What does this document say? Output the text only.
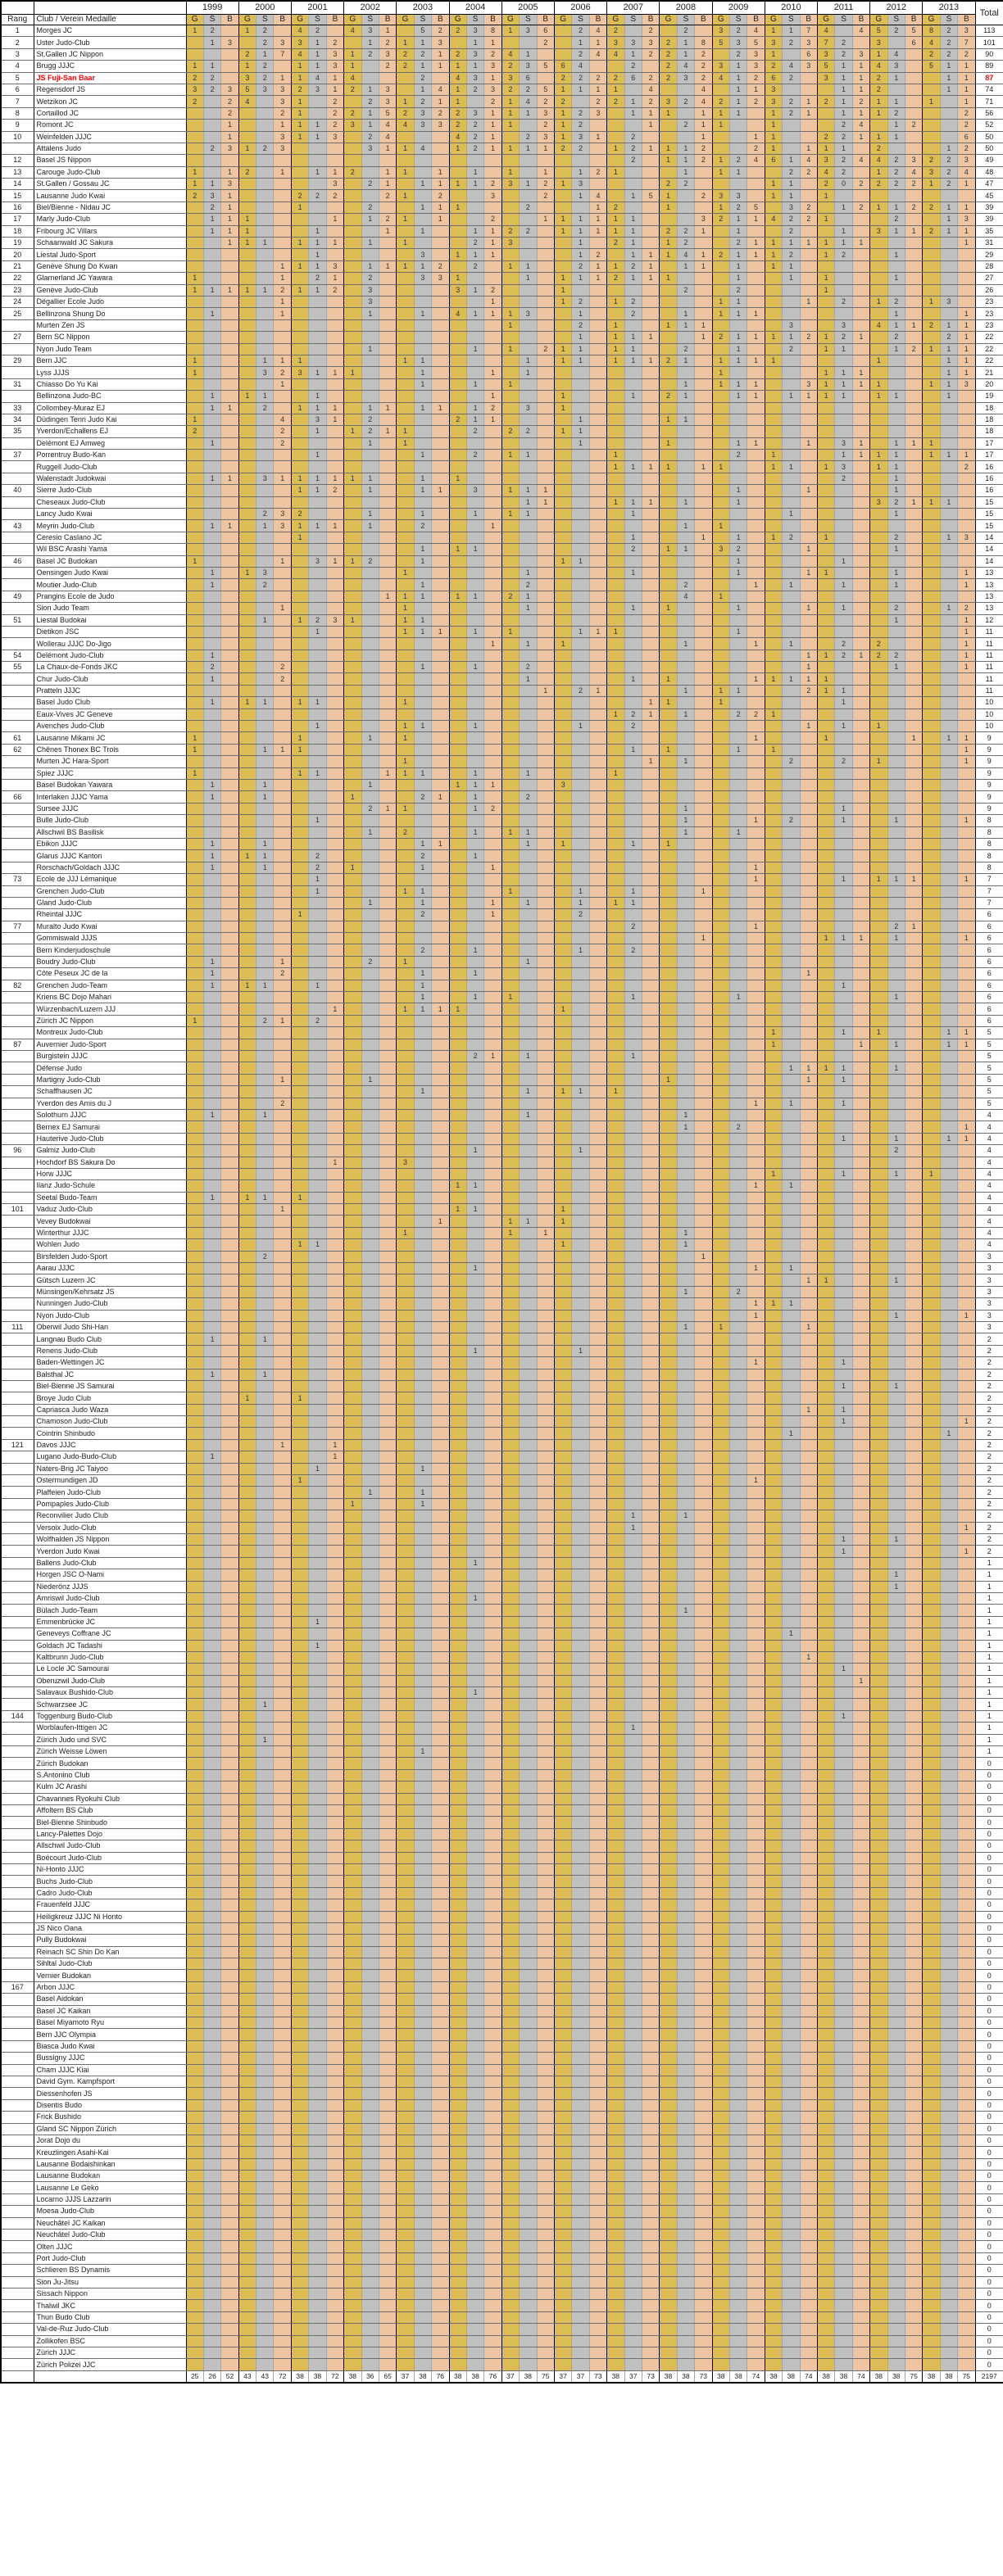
		1999			2000			2001			2002			2003			2004			2005			2006			2007			2008			2009			2010			2011			2012			2013			Total
Rang	Club / Verein Medaille	G	S	B	G	S	B	G	S	B	G	S	B	G	S	B	G	S	B	G	S	B	G	S	B	G	S	B	G	S	B	G	S	B	G	S	B	G	S	B	G	S	B	G	S	B	
1	Morges JC	1	2		1	2		4	2		4	3	1		5	2	2	3	8	1	3	6		2	4	2		2		2		3	2	4	1	1	7	4		4	5	2	5	8	2	3	113
2	Uster Judo-Club		1	3		2	3	3	1	2		1	2	1	1	3		1	1			2		1	1	3	3	3	2	1	8	5	3	5	3	2	3	7	2		3		6	4	2	7	101
3	St.Gallen JC Nippon				2	1	7	4	1	3	1	2	3	2	2	1	2	3	2	4	1			2	4	4	1	2	2	1	2		2	3	1		6	3	2	3	1	4		2	2	2	90
4	Brugg JJJC	1	1		1	2		1	1	3	1		2	2	1	1	1	1	3	2	3	5	6	4			2		2	4	2	3	1	3	2	4	3	5	1	1	4	3		5	1	1	89
5	JS Fuji-San Baar	2	2		3	2	1	1	4	1	4				2		4	3	1	3	6		2	2	2	2	6	2	2	3	2	4	1	2	6	2		3	1	1	2	1			1	1	87
6	Regensdorf JS	3	2	3	5	3	3	2	3	1	2	1	3		1	4	1	2	3	2	2	5	1	1	1	1		4			4		1	1	3				1	1	2				1	1	74
7	Wetzikon JC	2		2	4		3	1		2		2	3	1	2	1	1		2	1	4	2	2		2	2	1	2	3	2	4	2	1	2	3	2	1	2	1	2	1	1		1		1	71
8	Cortaillod JC			2			2	1		2	2	1	5	2	3	2	2	3	1	1	1	3	1	2	3		1	1	1		1	1	1		1	2	1		1	1	1	2				2	56
9	Romont JC			1			1	1	1	2	3	1	4	4	3	3	2	2	1	1		2	1	2				1		2	1	1			1				2	4		1	2			2	52
10	Weinfelden JJJC			1			3	1	1	3		2	4				4	2	1		2	3	1	3	1		2				1			1	1			2	2	1	1	1				6	50
	Attalens Judo		2	3	1	2	3					3	1	1	4		1	2	1	1	1	1	2	2		1	2	1	1	1	2			2	1		1	1	1		2				1	2	50
12	Basel JS Nippon																										2		1	1	2	1	2	4	6	1	4	3	2	4	4	2	3	2	2	3	49
13	Carouge Judo-Club	1		1	2		1		1	1	2		1	1		1		1		1		1		1	2	1				1		1	1			2	2	4	2		1	2	4	3	2	4	48
14	St.Gallen / Gossau JC	1	1	3						3		2	1		1	1	1	1	2	3	1	2	1	3					2	2					1	1		2	0	2	2	2	2	1	2	1	47
15	Lausanne Judo Kwai	2	3	1				2	2	2			2	1		2			3			2		1	4		1	5	1		2	3	3		1	1		1									45
16	Biel/Bienne - Nidau JC		2	1				1				2			1	1	1				2				1	2			1			1	2	5		3	2		1	2	1	1	2	2	1	1	39
17	Marly Judo-Club		1	1	1					1		1	2	1		1			2			1	1	1	1	1	1				3	2	1	1	4	2	2	1				2			1	3	39
18	Fribourg JC Villars		1	1	1				1				1		1			1	1	2	2		1	1	1	1	1		2	2	1		1			2			1		3	1	1	2	1	1	35
19	Schaanwald JC Sakura			1	1	1		1	1	1		1		1				2	1	3				1		2	1		1	2			2	1	1	1	1	1	1	1						1	31
20	Liestal Judo-Sport								1						3		1	1	1					1	2		1	1	1	4	1	2	1	1	1	2		1	2			1					29
21	Genève Shung Do Kwan						1	1	1	3		1	1	1	1	2		2		1	1			2	1	1	2	1		1	1		1		1	1											28
22	Glarnerland JC Yawara	1					1		2	1		2			3	3	1				1		1	1	1	2	1	1	1				1			1		1				1					27
23	Genève Judo-Club	1	1	1	1	1	2	1	1	2		3					3	1	2				1							2			2					1									26
24	Dégallier Ecole Judo						1					3							1				1	2		1	2					1	1				1		2		1	2		1	3		23
25	Bellinzona Shung Do		1				1					1			1		4	1	1	1	3			1			2			1		1	1	1								1				1	23
	Murten Zen JS																			1				2		1			1	1	1					3			3		4	1	1	2	1	1	23
27	Bern SC Nippon																							1		1	1	1			1	2	1	1	1	1	2	1	2	1		2			2	1	22
	Nyon Judo Team											1						1		1		2	1	1		1	1			2			1			2		1	1			1	2	1	1	1	22
29	Bern JJC	1				1	1	1						1	1						1		1	1		1	1	1	2	1		1	1	1	1						1				1	1	22
	Lyss JJJS	1				3	2	3	1	1	1				1				1		1											1						1	1	1					1	1	21
31	Chiasso Do Yu Kai						1								1			1		1										1		1	1	1			3	1	1	1	1			1	1	3	20
	Bellinzona Judo-BC		1		1	1			1										1				1				1		2	1			1	1		1	1	1	1		1	1			1		19
33	Collombey-Muraz EJ		1	1		2		1	1	1		1	1		1	1		1	2		3		1																								18
34	Düdingen Tenri Judo Kai	1					4		3	1		2					2	1	1					1					1	1																	18
35	Yverdon/Echallens EJ	2					2		1		1	2	1	1				2		2	2		1	1																							18
	Delémont EJ Amweg		1				2					1		1										1					1				1	1			1		3	1		1	1	1			17
37	Porrentruy Budo-Kan								1						1			2		1	1					1							2		1				1	1	1	1		1	1	1	17
	Ruggell Judo-Club																									1	1	1	1		1	1			1	1		1	3		1	1				2	16
	Walenstadt Judokwai		1	1		3	1	1	1	1	1	1			1		1																						2			1					16
40	Sierre Judo-Club							1	1	2		1			1	1		3		1	1	1											1				1					1					16
	Cheseaux Judo-Club																				1	1				1	1	1		1			1								3	2	1	1	1		15
	Lancy Judo Kwai					2	3	2				1			1			1		1	1						1									1						1					15
43	Meyrin Judo-Club		1	1		1	3	1	1	1		1			2				1											1		1															15
	Ceresio Caslano JC							1																			1				1		1		1	2		1				2			1	3	14
	Wil BSC Arashi Yama														1		1	1									2		1	1		3	2				1					1					14
46	Basel JC Budokan	1					1		3	1	1	2			1								1	1									1						1								14
	Oensingen Judo Kwai		1		1	3								1							1						1						1				1	1				1				1	13
	Moutier Judo-Club		1			2									1						2									2				1		1			1			1				1	13
49	Prangins Ecole de Judo												1	1	1		1	1		2	1									4		1															13
	Sion Judo Team						1							1							1						1		1				1				1		1			2			1	2	13
51	Liestal Budokai					1		1	2	3	1			1	1																											1				1	12
	Dietikon JSC								1					1	1	1		1		1				1	1	1							1													1	11
	Wollerau JJJC Do-Jigo																		1		1		1							1				1		1			2		2					1	11
54	Delémont Judo-Club		1																																		1	1	2	1	2	2				1	11
55	La Chaux-de-Fonds JKC		2				2								1			1			2																1					1				1	11
	Chur Judo-Club		1				2														1						1		1					1	1	1	1	1									11
	Pratteln JJJC																					1		2	1					1		1	1				2	1	1								11
	Basel Judo Club		1		1	1		1	1					1														1	1			1							1								10
	Eaux-Vives JC Geneve																									1	2	1		1			2	2	1												10
	Avenches Judo-Club								1					1	1			1						1			2										1		1		1						10
61	Lausanne Mikami JC	1						1				1		1																				1				1					1		1	1	9
62	Chênes Thonex BC Trois	1				1	1	1																			1		1				1		1											1	9
	Murten JC Hara-Sport													1														1		1						2			2		1					1	9
	Spiez JJJC	1						1	1				1	1	1			1			1					1																					9
	Basel Budokan Yawara		1			1						1					1	1	1				3																								9
66	Interlaken JJJC Yama		1			1					1				2	1		1			2																										9
	Sursee JJJC											2	1	1				1	2											1									1								9
	Bulle Judo-Club								1																					1				1		2			1			1				1	8
	Allschwil BS Basilisk											1		2				1		1	1									1			1														8
	Ebikon JJJC		1			1									1	1					1		1				1		1																		8
	Glarus JJJC Kanton		1		1	1			2						2			1																													8
	Rorschach/Goldach JJJC		1			1			2		1				1				1															1													8
73	Ecole de JJJ Lémanique								1																									1					1		1	1	1			1	7
	Grenchen Judo-Club								1					1	1					1				1			1				1																7
	Gland Judo-Club											1			1				1		1			1		1	1																				7
	Rheintal JJJC							1							2				1					2																							6
77	Muralto Judo Kwai																										2							1								2	1				6
	Gommiswald JJJS																														1							1	1	1		1				1	6
	Bern Kinderjudoschule														2			1						1			2																				6
	Boudry Judo-Club		1				1					2		1							1																										6
	Côte Peseux JC de la		1				2								1			1																			1										6
82	Grenchen Judo-Team		1		1	1			1						1																								1								6
	Kriens BC Dojo Mahari														1			1		1							1						1									1					6
	Würzenbach/Luzern JJJ									1				1	1	1	1						1																								6
	Zürich JC Nippon	1				2	1		2																																						6
	Montreux Judo-Club																																		1				1		1				1	1	5
87	Auvernier Judo-Sport																																		1					1		1			1	1	5
	Burgistein JJJC																	2	1		1						1																				5
	Défense Judo																																			1	1	1	1			1					5
	Martigny Judo-Club						1					1																	1								1		1								5
	Schaffhausen JC														1						1		1	1		1																					5
	Yverdon des Amis du J						2																											1		1			1								5
	Solothurn JJJC		1			1															1									1																	4
	Bernex EJ Samurai																													1			2													1	4
	Hauterive Judo-Club																																						1			1			1	1	4
96	Galmiz Judo-Club																	1						1																		2					4
	Hochdorf BS Sakura Do									1				3																																	4
	Horw JJJC																																		1				1			1		1			4
	Ilanz Judo-Schule																1	1																1		1											4
	Seetal Budo-Team		1		1	1		1																																							4
101	Vaduz Judo-Club						1										1	1					1																								4
	Vevey Budokwai															1				1	1		1																								4
	Winterthur JJJC													1						1		1								1																	4
	Wohlen Judo							1	1														1							1																	4
	Birsfelden Judo-Sport					2																									1																3
	Aarau JJJC																	1																1		1											3
	Gütsch Luzern JC																																				1	1				1					3
	Münsingen/Kehrsatz JS																													1			2														3
	Nunningen Judo-Club																																	1	1	1											3
	Nyon Judo-Club																																	1								1				1	3
111	Oberwil Judo Shi-Han																													1		1					1										3
	Langnau Budo Club		1			1																																									2
	Renens Judo-Club																	1						1																							2
	Baden-Wettingen JC																																	1					1								2
	Balsthal JC		1			1																																									2
	Biel-Bienne JS Samurai																																						1			1					2
	Broye Judo Club				1			1																																							2
	Capriasca Judo Waza																																				1		1								2
	Chamoson Judo-Club																																						1							1	2
	Cointrin Shinbudo																																			1									1		2
121	Davos JJJC						1			1																																					2
	Lugano Judo-Budo-Club		1							1																																					2
	Naters-Brig JC Taiyoo								1						1																																2
	Ostermundigen JD							1																										1													2
	Plaffeien Judo-Club											1			1																																2
	Pompaples Judo-Club										1				1																																2
	Reconvilier Judo Club																										1			1																	2
	Versoix Judo-Club																										1																			1	2
	Wolfhalden JS Nippon																																						1			1					2
	Yverdon Judo Kwai																																						1							1	2
	Ballens Judo-Club																	1																													1
	Horgen JSC O-Nami																																									1					1
	Niederönz JJJS																																									1					1
	Amriswil Judo-Club																	1																													1
	Bülach Judo-Team																													1																	1
	Emmenbrücke JC								1																																						1
	Geneveys Coffrane JC																																			1											1
	Goldach JC Tadashi								1																																						1
	Kaltbrunn Judo-Club																																				1										1
	Le Locle JC Samourai																																						1								1
	Oberuzwil Judo-Club																																							1							1
	Salavaux Bushido-Club																	1																													1
	Schwarzsee JC					1																																									1
144	Toggenburg Budo-Club																																						1								1
	Worblaufen-Ittigen JC																										1																				1
	Zürich Judo und SVC					1																																									1
	Zürich Weisse Löwen														1																																1
	Zürich Budokan																																														0
	S.Antonino Club																																														0
	Kulm JC Arashi																																														0
	Chavannes Ryokuhi Club																																														0
	Affoltern BS Club																																														0
	Biel-Bienne Shinbudo																																														0
	Lancy-Palettes Dojo																																														0
	Allschwil Judo-Club																																														0
	Boécourt Judo-Club																																														0
	Ni-Honto JJJC																																														0
	Buchs Judo-Club																																														0
	Cadro Judo-Club																																														0
	Frauenfeld JJJC																																														0
	Heiligkreuz JJJC Ni Honto																																														0
	JS Nico Oana																																														0
	Pully Budokwai																																														0
	Reinach SC Shin Do Kan																																														0
	Sihltal Judo-Club																																														0
	Vernier Budokan																																														0
167	Arbon JJJC																																														0
	Basel Aidokan																																														0
	Basel JC Kaikan																																														0
	Basel Miyamoto Ryu																																														0
	Bern JJC Olympia																																														0
	Biasca Judo Kwai																																														0
	Bussigny JJJC																																														0
	Cham JJJC Kiai																																														0
	David Gym. Kampfsport																																														0
	Diessenhofen JS																																														0
	Disentis Budo																																														0
	Frick Bushido																																														0
	Gland SC Nippon Zürich																																														0
	Jorat Dojo du																																														0
	Kreuzlingen Asahi-Kai																																														0
	Lausanne Bodaishinkan																																														0
	Lausanne Budokan																																														0
	Lausanne Le Geko																																														0
	Locarno JJJS Lazzarin																																														0
	Moesa Judo-Club																																														0
	Neuchâtel JC Kaikan																																														0
	Neuchâtel Judo-Club																																														0
	Olten JJJC																																														0
	Port Judo-Club																																														0
	Schlieren BS Dynamis																																														0
	Sion Ju-Jitsu																																														0
	Sissach Nippon																																														0
	Thalwil JKC																																														0
	Thun Budo Club																																														0
	Val-de-Ruz Judo-Club																																														0
	Zollikofen BSC																																														0
	Zürich JJJC																																														0
	Zürich Polizei JJC																																														0
		25	26	52	43	43	72	38	38	72	38	36	65	37	38	76	38	38	76	37	38	75	37	37	73	38	37	73	38	38	73	38	38	74	38	38	74	38	38	74	38	38	75	38	38	75	2197
